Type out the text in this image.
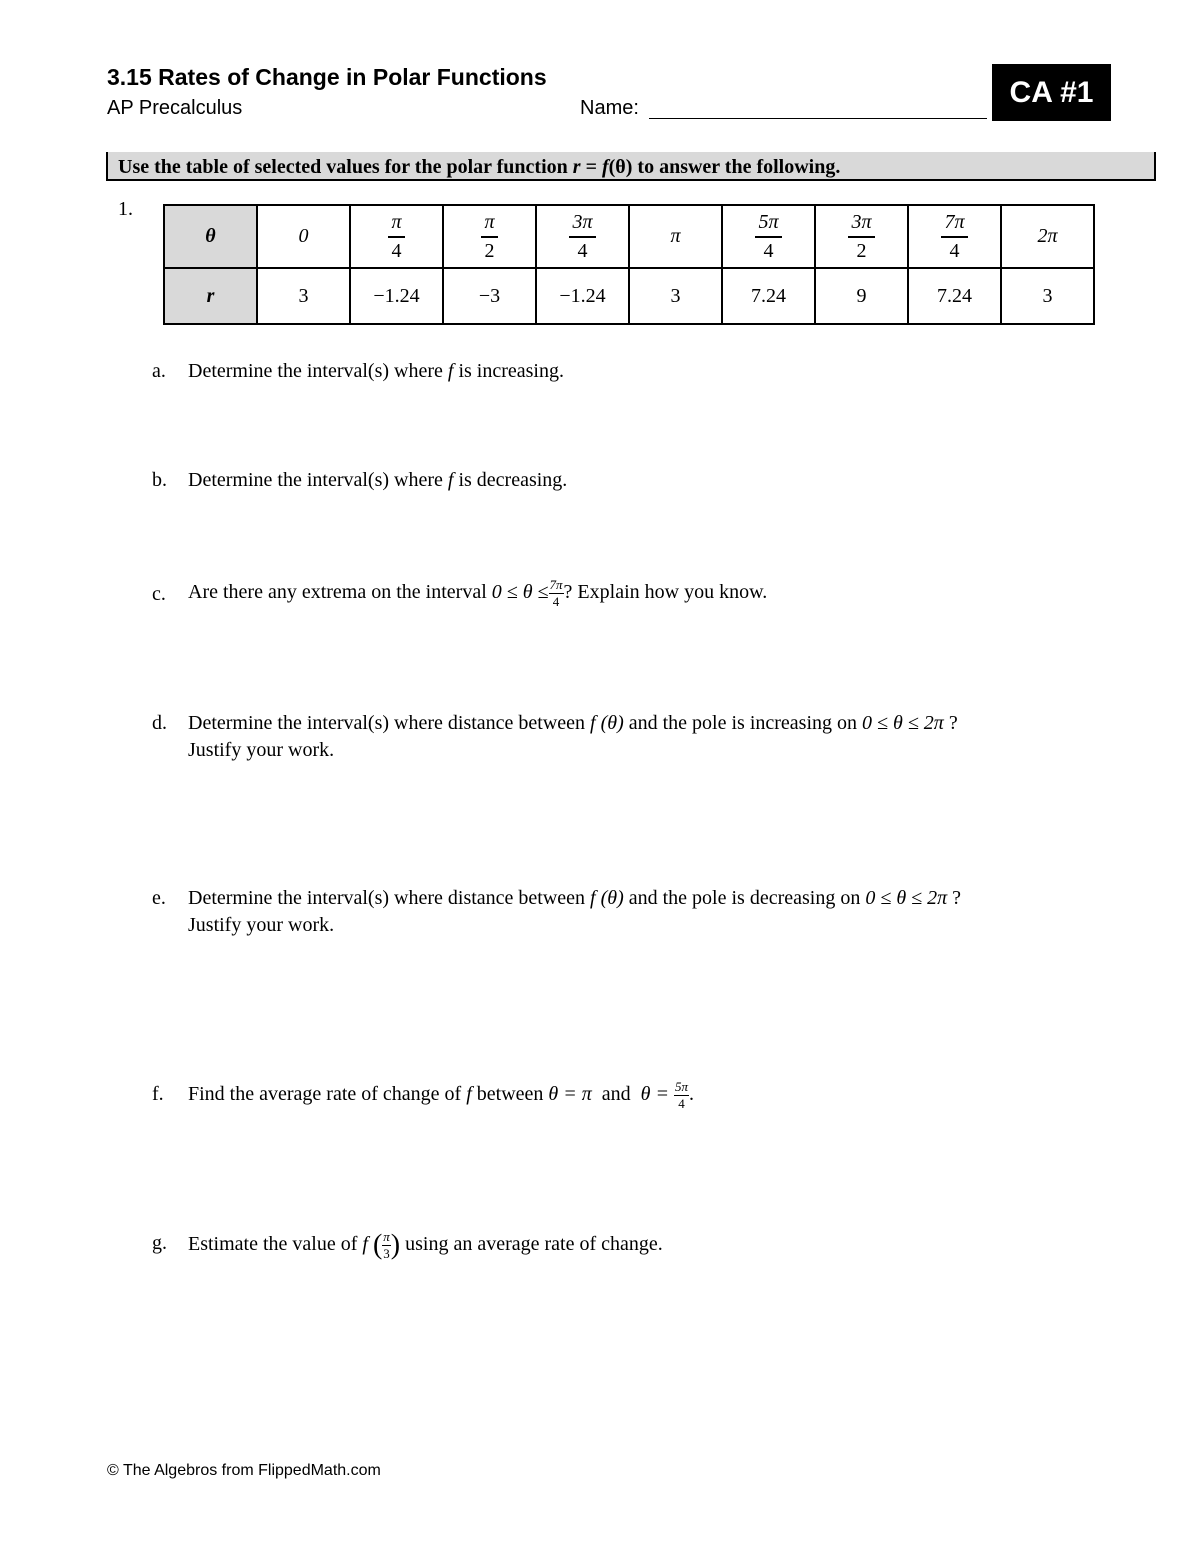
3.15 Rates of Change in Polar Functions
AP Precalculus	Name:	CA #1
Use the table of selected values for the polar function r = f(θ) to answer the following.
1.
θ	0	$\frac{\pi}{4}$	$\frac{\pi}{2}$	$\frac{3\pi}{4}$	π	$\frac{5\pi}{4}$	$\frac{3\pi}{2}$	$\frac{7\pi}{4}$	2π
r	3	−1.24	−3	−1.24	3	7.24	9	7.24	3
a. Determine the interval(s) where f is increasing.
b. Determine the interval(s) where f is decreasing.
c. Are there any extrema on the interval $0 \le \theta \le \frac{7\pi}{4}$ ? Explain how you know.
d. Determine the interval(s) where distance between f (θ) and the pole is increasing on 0 ≤ θ ≤ 2π ?
Justify your work.
e. Determine the interval(s) where distance between f (θ) and the pole is decreasing on 0 ≤ θ ≤ 2π ?
Justify your work.
f. Find the average rate of change of f between θ = π  and  $\theta = \frac{5\pi}{4}$ .
g. Estimate the value of f ( $\frac{\pi}{3}$ ) using an average rate of change.
© The Algebros from FlippedMath.com
